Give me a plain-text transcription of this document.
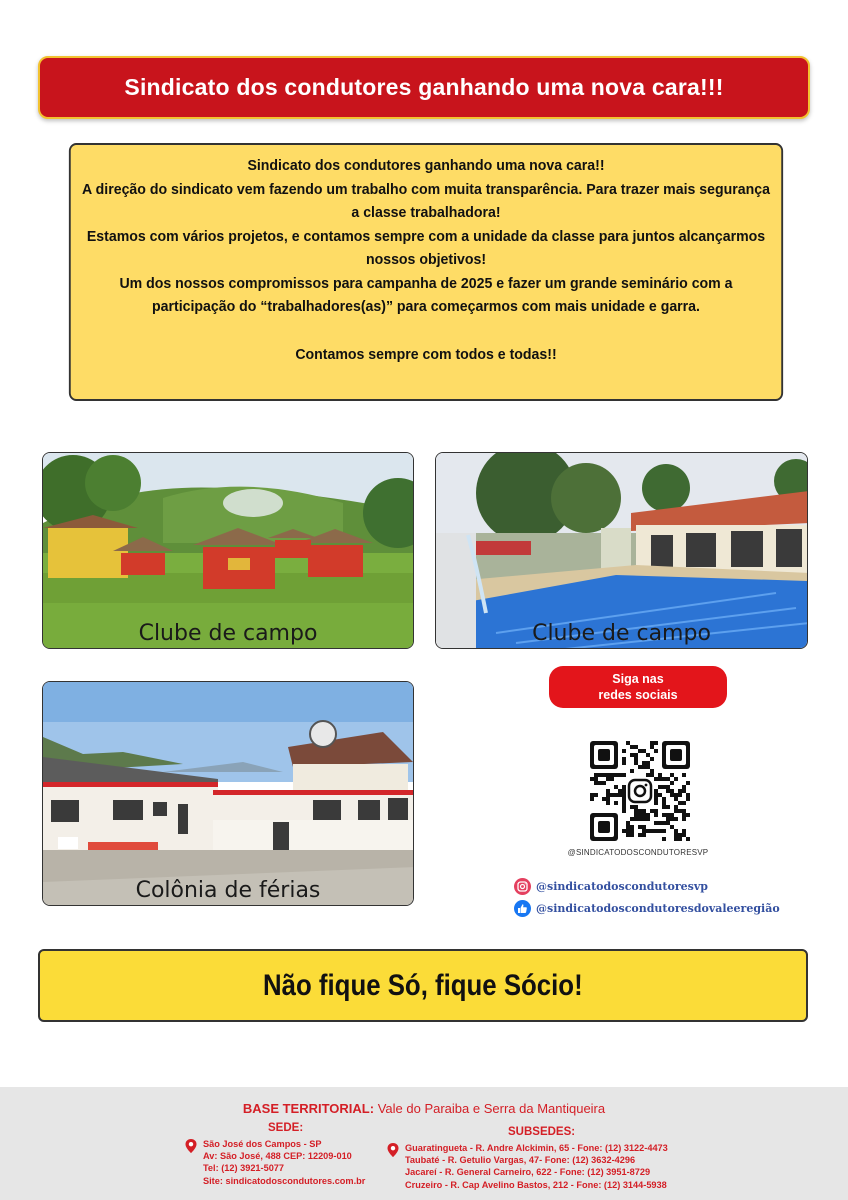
Sindicato dos condutores ganhando uma nova cara!!!

Sindicato dos condutores ganhando uma nova cara!!

A direção do sindicato vem fazendo um trabalho com muita transparência. Para trazer mais segurança a classe trabalhadora!

Estamos com vários projetos, e contamos sempre com a unidade da classe para juntos alcançarmos nossos objetivos!

Um dos nossos compromissos para campanha de 2025 e fazer um grande seminário com a participação do “trabalhadores(as)” para começarmos com mais unidade e garra.

Contamos sempre com todos e todas!!

Clube de campo	Clube de campo
Colônia de férias
Siga nas
redes sociais
@SINDICATODOSCONDUTORESVP
@sindicatodoscondutoresvp
@sindicatodoscondutoresdovaleeregião
Não fique Só, fique Sócio!
BASE TERRITORIAL: Vale do Paraiba e Serra da Mantiqueira
SEDE:
São José dos Campos - SP
Av: São José, 488 CEP: 12209-010
Tel: (12) 3921-5077
Site: sindicatodoscondutores.com.br
SUBSEDES:
Guaratingueta - R. Andre Alckimin, 65 - Fone: (12) 3122-4473
Taubaté - R. Getulio Vargas, 47- Fone: (12) 3632-4296
Jacareí - R. General Carneiro, 622 - Fone: (12) 3951-8729
Cruzeiro - R. Cap Avelino Bastos, 212 - Fone: (12) 3144-5938
